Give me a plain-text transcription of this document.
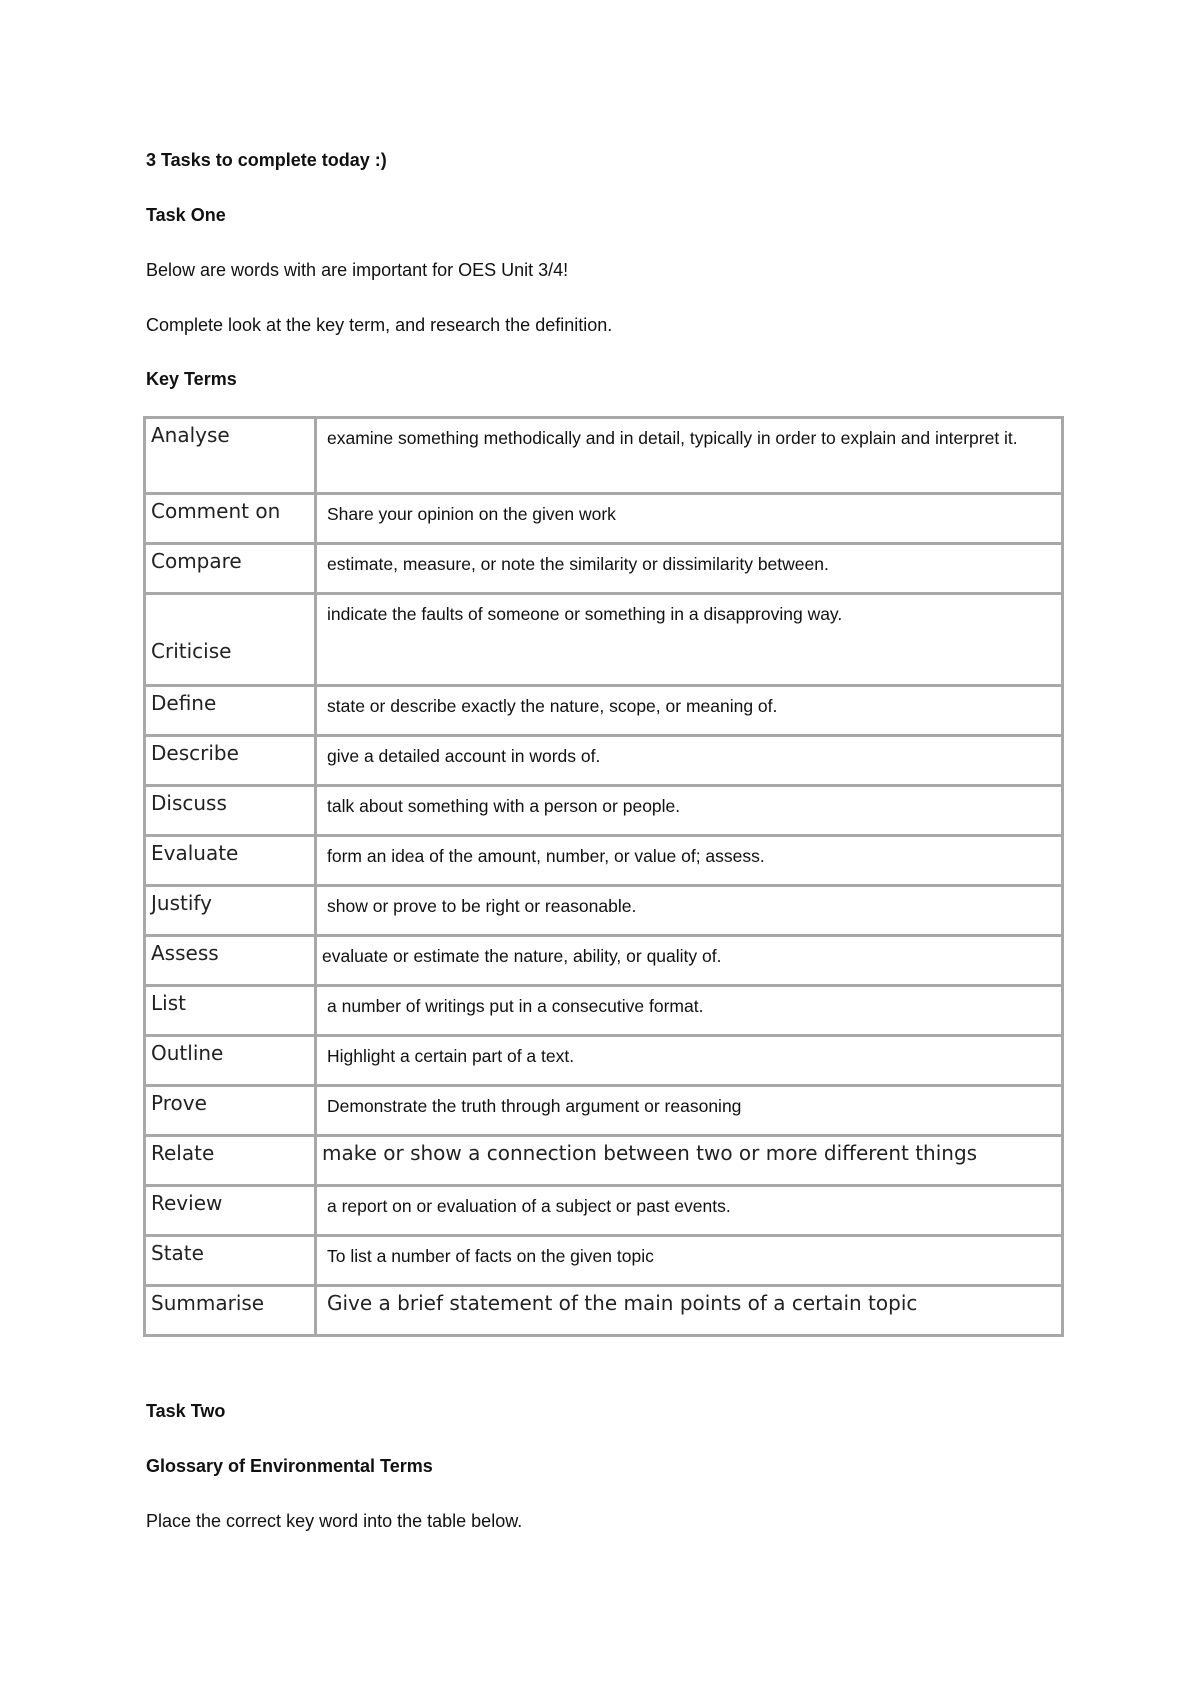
3 Tasks to complete today :)
Task One
Below are words with are important for OES Unit 3/4!
Complete look at the key term, and research the definition.
Key Terms
Analyse	examine something methodically and in detail, typically in order to explain and interpret it.

Comment on	Share your opinion on the given work

Compare	estimate, measure, or note the similarity or dissimilarity between.

Criticise	indicate the faults of someone or something in a disapproving way.

Define	state or describe exactly the nature, scope, or meaning of.

Describe	give a detailed account in words of.

Discuss	talk about something with a person or people.

Evaluate	form an idea of the amount, number, or value of; assess.

Justify	show or prove to be right or reasonable.

Assess	evaluate or estimate the nature, ability, or quality of.

List	a number of writings put in a consecutive format.

Outline	Highlight a certain part of a text.

Prove	Demonstrate the truth through argument or reasoning

Relate	make or show a connection between two or more different things

Review	a report on or evaluation of a subject or past events.

State	To list a number of facts on the given topic

Summarise	Give a brief statement of the main points of a certain topic
Task Two
Glossary of Environmental Terms
Place the correct key word into the table below.
